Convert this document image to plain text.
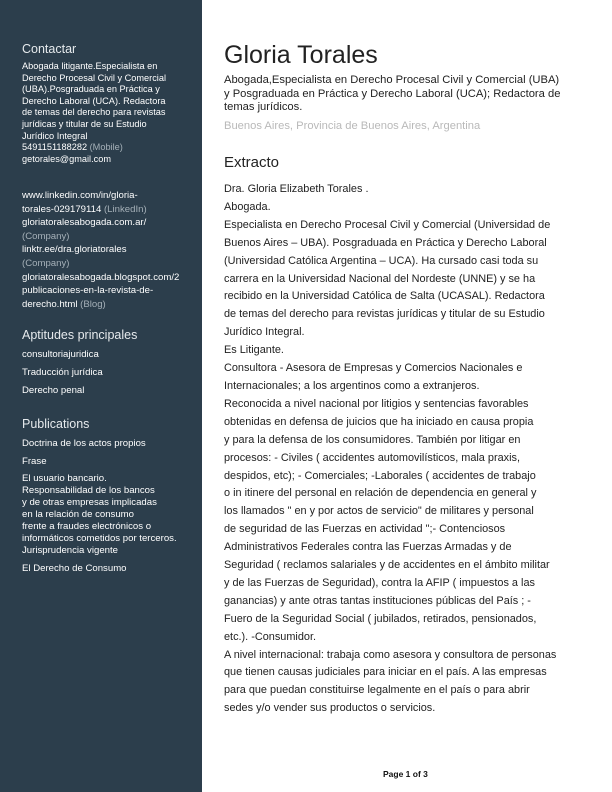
Contactar
Abogada litigante.Especialista en
Derecho Procesal Civil y Comercial
(UBA).Posgraduada en Práctica y
Derecho Laboral (UCA). Redactora
de temas del derecho para revistas
jurídicas y titular de su Estudio
Jurídico Integral
5491151188282 (Mobile)
getorales@gmail.com
www.linkedin.com/in/gloria-
torales-029179114 (LinkedIn)
gloriatoralesabogada.com.ar/
(Company)
linktr.ee/dra.gloriatorales
(Company)
gloriatoralesabogada.blogspot.com/2
publicaciones-en-la-revista-de-
derecho.html (Blog)
Aptitudes principales
consultoriajuridica
Traducción jurídica
Derecho penal
Publications
Doctrina de los actos propios
Frase
El usuario bancario.
Responsabilidad de los bancos
y de otras empresas implicadas
en la relación de consumo
frente a fraudes electrónicos o
informáticos cometidos por terceros.
Jurisprudencia vigente
El Derecho de Consumo
Gloria Torales
Abogada,Especialista en Derecho Procesal Civil y Comercial (UBA)
y Posgraduada en Práctica y Derecho Laboral (UCA); Redactora de
temas jurídicos.
Buenos Aires, Provincia de Buenos Aires, Argentina
Extracto

Dra. Gloria Elizabeth Torales .

Abogada.

Especialista en Derecho Procesal Civil y Comercial (Universidad de

Buenos Aires – UBA). Posgraduada en Práctica y Derecho Laboral

(Universidad Católica Argentina – UCA). Ha cursado casi toda su

carrera en la Universidad Nacional del Nordeste (UNNE) y se ha

recibido en la Universidad Católica de Salta (UCASAL). Redactora

de temas del derecho para revistas jurídicas y titular de su Estudio

Jurídico Integral.

Es Litigante.

Consultora - Asesora de Empresas y Comercios Nacionales e

Internacionales; a los argentinos como a extranjeros.

Reconocida a nivel nacional por litigios y sentencias favorables

obtenidas en defensa de juicios que ha iniciado en causa propia

y para la defensa de los consumidores. También por litigar en

procesos: - Civiles ( accidentes automovilísticos, mala praxis,

despidos, etc); - Comerciales; -Laborales ( accidentes de trabajo

o in itinere del personal en relación de dependencia en general y

los llamados " en y por actos de servicio" de militares y personal

de seguridad de las Fuerzas en actividad ";- Contenciosos

Administrativos Federales contra las Fuerzas Armadas y de

Seguridad ( reclamos salariales y de accidentes en el ámbito militar

y de las Fuerzas de Seguridad), contra la AFIP ( impuestos a las

ganancias) y ante otras tantas instituciones públicas del País ; -

Fuero de la Seguridad Social ( jubilados, retirados, pensionados,

etc.). -Consumidor.

A nivel internacional: trabaja como asesora y consultora de personas

que tienen causas judiciales para iniciar en el país. A las empresas

para que puedan constituirse legalmente en el país o para abrir

sedes y/o vender sus productos o servicios.

Page 1 of 3
